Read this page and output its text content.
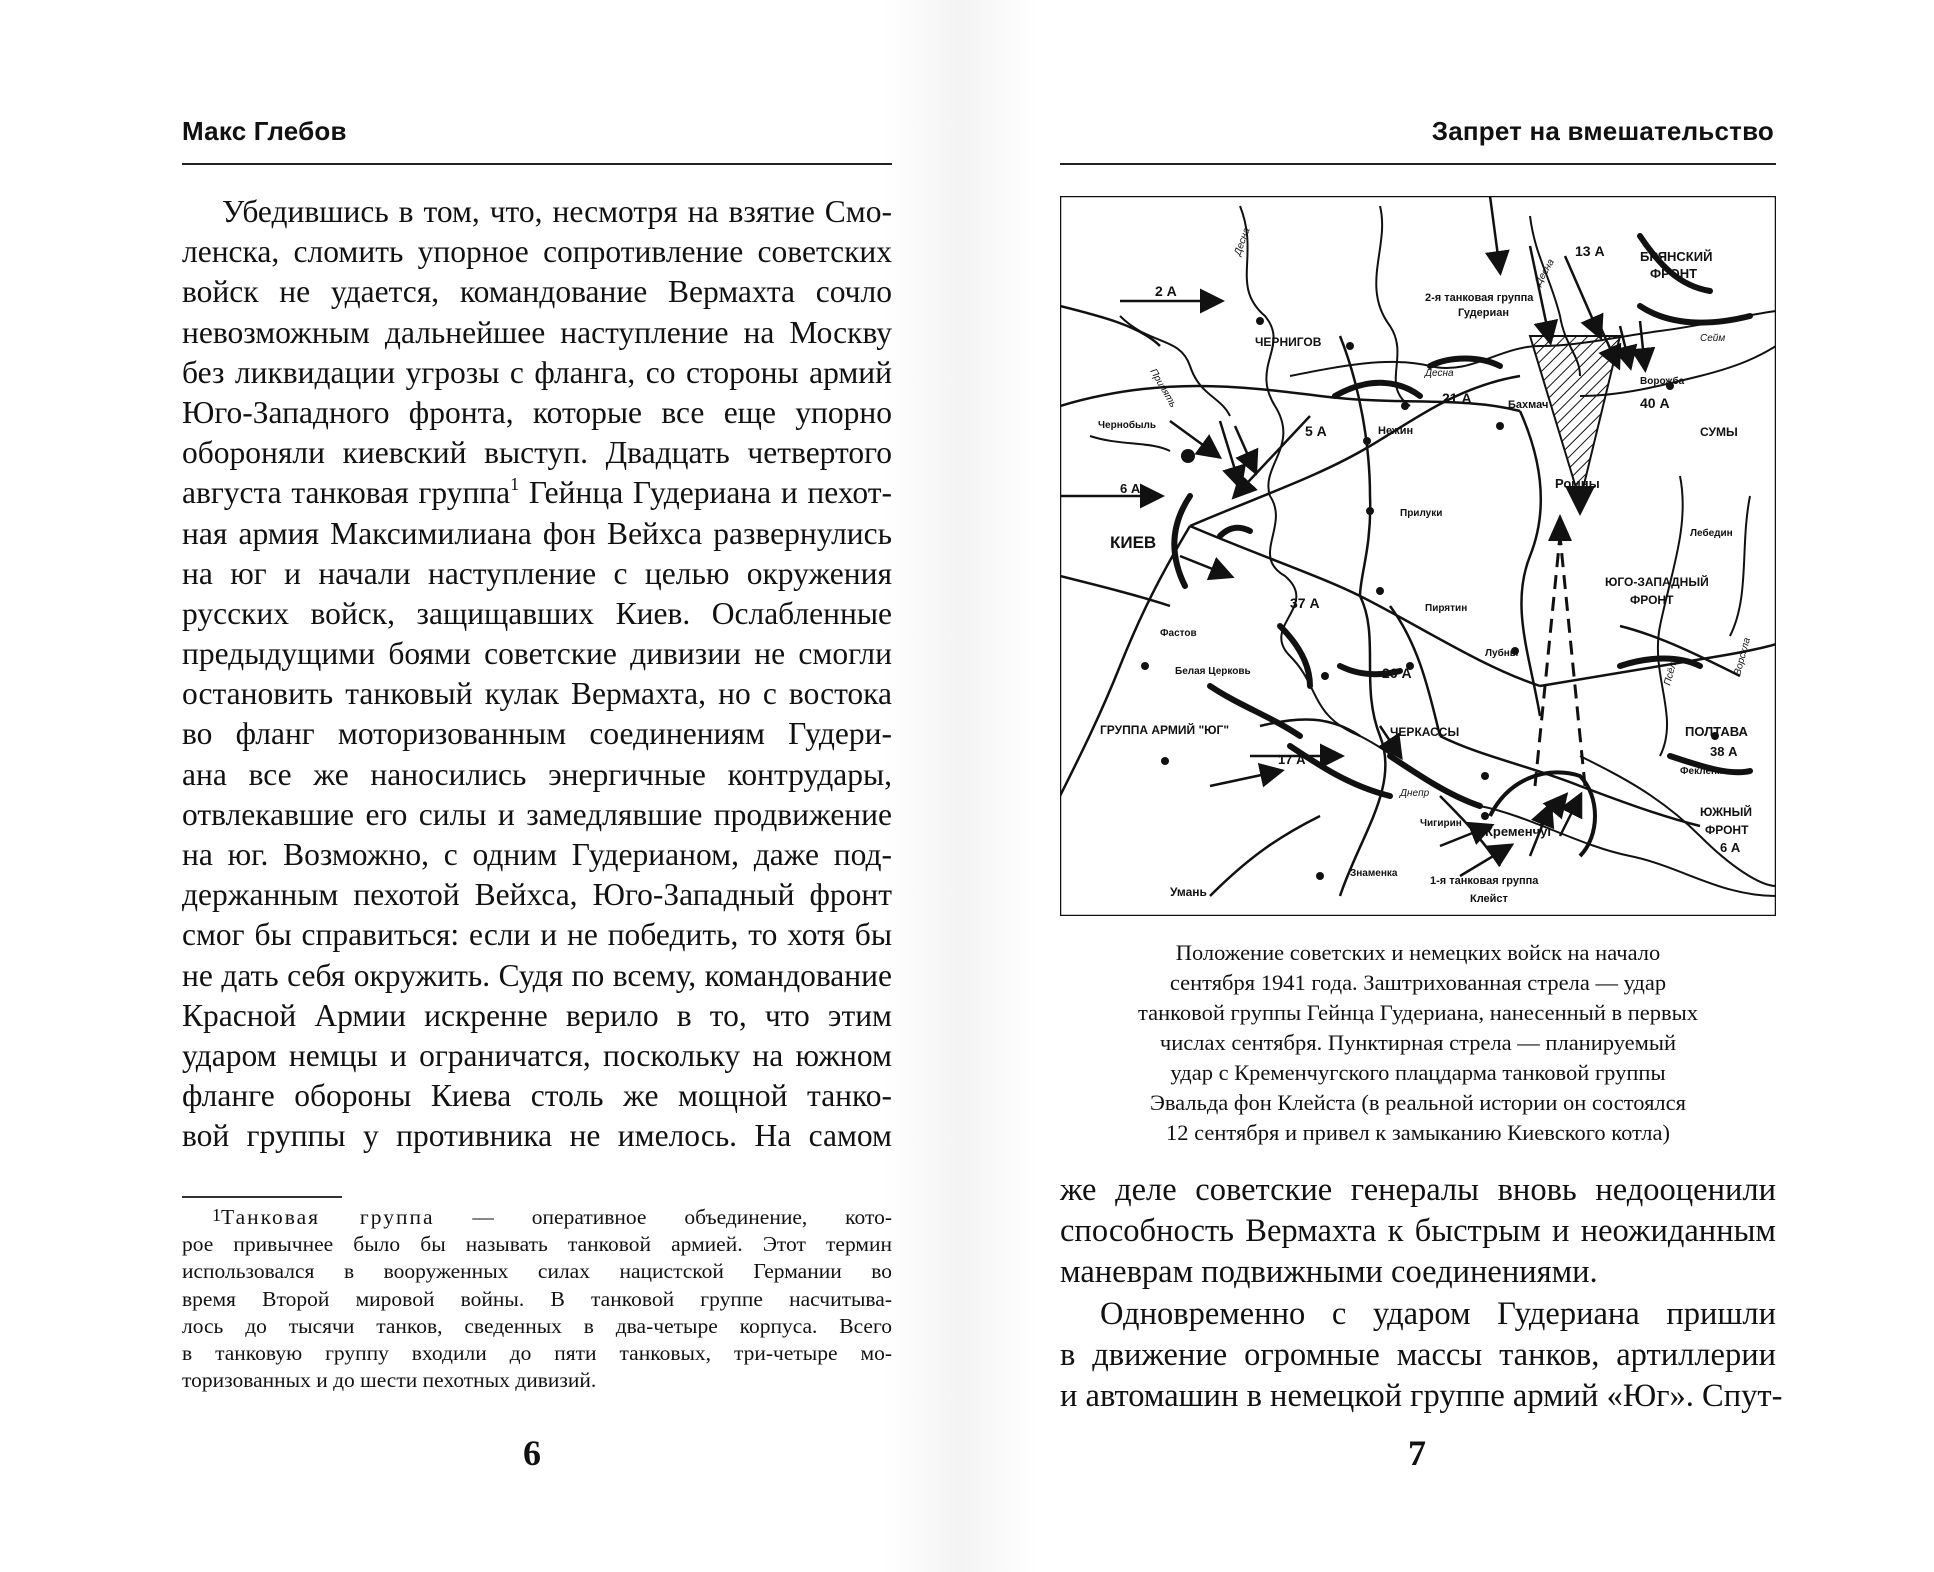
Макс Глебов
Убедившись в том, что, несмотря на взятие Смо-
ленска, сломить упорное сопротивление советских
войск не удается, командование Вермахта сочло
невозможным дальнейшее наступление на Москву
без ликвидации угрозы с фланга, со стороны армий
Юго-Западного фронта, которые все еще упорно
обороняли киевский выступ. Двадцать четвертого
августа танковая группа$^1$ Гейнца Гудериана и пехот-
ная армия Максимилиана фон Вейхса развернулись
на юг и начали наступление с целью окружения
русских войск, защищавших Киев. Ослабленные
предыдущими боями советские дивизии не смогли
остановить танковый кулак Вермахта, но с востока
во фланг моторизованным соединениям Гудери-
ана все же наносились энергичные контрудары,
отвлекавшие его силы и замедлявшие продвижение
на юг. Возможно, с одним Гудерианом, даже под-
держанным пехотой Вейхса, Юго-Западный фронт
смог бы справиться: если и не победить, то хотя бы
не дать себя окружить. Судя по всему, командование
Красной Армии искренне верило в то, что этим
ударом немцы и ограничатся, поскольку на южном
фланге обороны Киева столь же мощной танко-
вой группы у противника не имелось. На самом
$^1$Танковая группа — оперативное объединение, кото-
рое привычнее было бы называть танковой армией. Этот термин
использовался в вооруженных силах нацистской Германии во
время Второй мировой войны. В танковой группе насчитыва-
лось до тысячи танков, сведенных в два-четыре корпуса. Всего
в танковую группу входили до пяти танковых, три-четыре мо-
торизованных и до шести пехотных дивизий.
6
Запрет на вмешательство
13 А	БРЯНСКИЙ
ФРОНТ
2-я танковая группа
Гудериан
2 А
Десна
ЧЕРНИГОВ
Припять	Десна
Сейм
Десна
Чернобыль
21 А	Бахмач
Ворожба
40 А
СУМЫ
5 А	Нежин
Ромны
6 А
КИЕВ
Прилуки
Лебедин
ЮГО-ЗАПАДНЫЙ
ФРОНТ
37 А	Пирятин
Фастов
Лубны
Псёл	Ворскла
26 А
Белая Церковь
ЧЕРКАССЫ	ПОЛТАВА
ГРУППА АРМИЙ "ЮГ"
38 А
Фекленко
17 А
Днепр
Чигирин
Кременчуг
ЮЖНЫЙ
ФРОНТ
6 А
Умань
Знаменка
1-я танковая группа
Клейст
Положение советских и немецких войск на начало
сентября 1941 года. Заштрихованная стрела — удар
танковой группы Гейнца Гудериана, нанесенный в первых
числах сентября. Пунктирная стрела — планируемый
удар с Кременчугского плацдарма танковой группы
Эвальда фон Клейста (в реальной истории он состоялся
12 сентября и привел к замыканию Киевского котла)
же деле советские генералы вновь недооценили
способность Вермахта к быстрым и неожиданным
маневрам подвижными соединениями.
Одновременно с ударом Гудериана пришли
в движение огромные массы танков, артиллерии
и автомашин в немецкой группе армий «Юг». Спут-
7
